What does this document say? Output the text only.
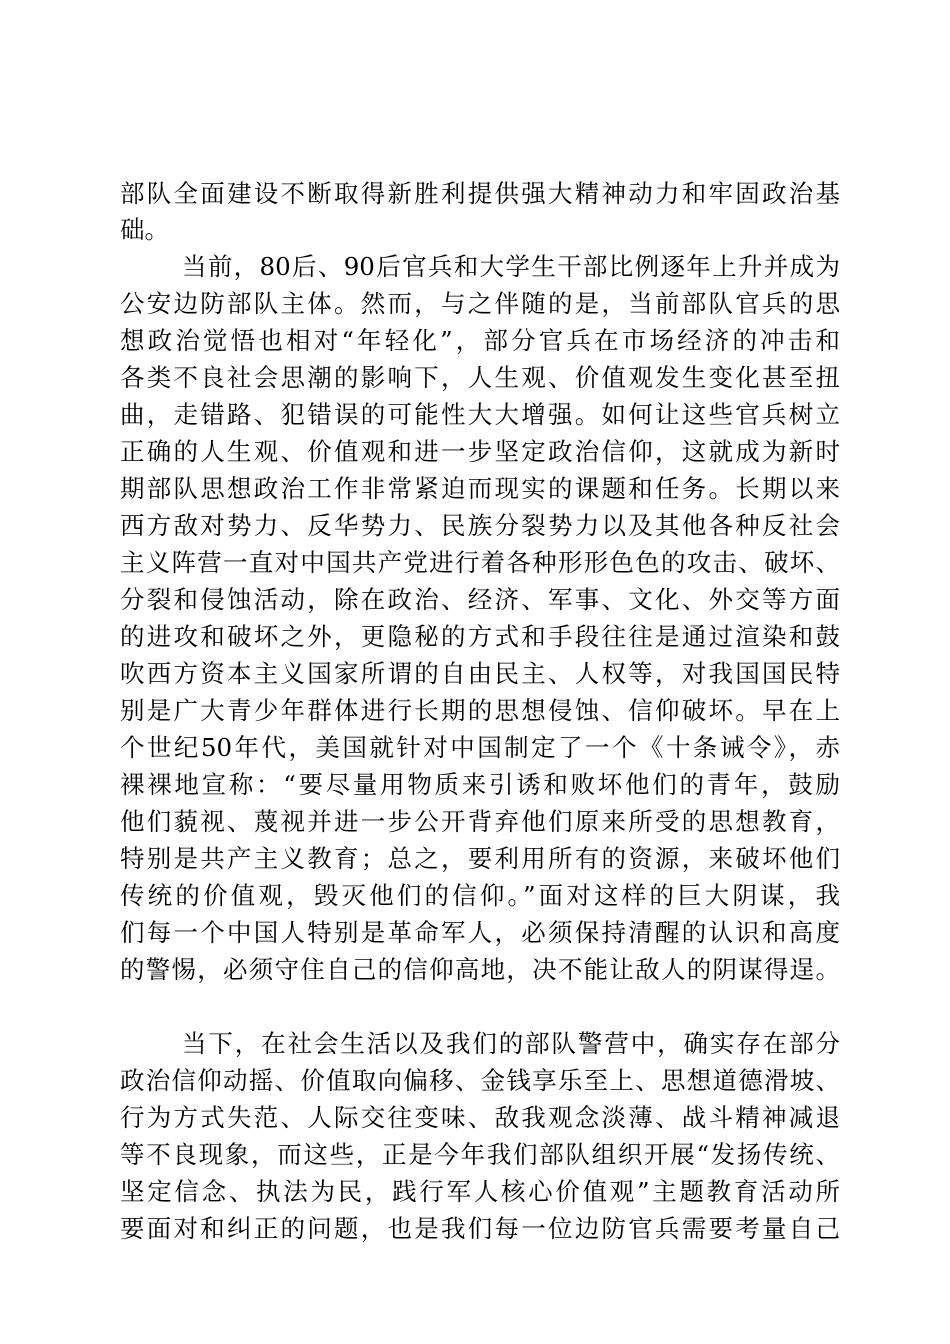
部队全面建设不断取得新胜利提供强大精神动力和牢固政治基
础。
当前，80后、90后官兵和大学生干部比例逐年上升并成为
公安边防部队主体。然而，与之伴随的是，当前部队官兵的思
想政治觉悟也相对“年轻化”，部分官兵在市场经济的冲击和
各类不良社会思潮的影响下，人生观、价值观发生变化甚至扭
曲，走错路、犯错误的可能性大大增强。如何让这些官兵树立
正确的人生观、价值观和进一步坚定政治信仰，这就成为新时
期部队思想政治工作非常紧迫而现实的课题和任务。长期以来
西方敌对势力、反华势力、民族分裂势力以及其他各种反社会
主义阵营一直对中国共产党进行着各种形形色色的攻击、破坏、
分裂和侵蚀活动，除在政治、经济、军事、文化、外交等方面
的进攻和破坏之外，更隐秘的方式和手段往往是通过渲染和鼓
吹西方资本主义国家所谓的自由民主、人权等，对我国国民特
别是广大青少年群体进行长期的思想侵蚀、信仰破坏。早在上
个世纪50年代，美国就针对中国制定了一个《十条诫令》，赤
裸裸地宣称：“要尽量用物质来引诱和败坏他们的青年，鼓励
他们藐视、蔑视并进一步公开背弃他们原来所受的思想教育，
特别是共产主义教育；总之，要利用所有的资源，来破坏他们
传统的价值观，毁灭他们的信仰。”面对这样的巨大阴谋，我
们每一个中国人特别是革命军人，必须保持清醒的认识和高度
的警惕，必须守住自己的信仰高地，决不能让敌人的阴谋得逞。
当下，在社会生活以及我们的部队警营中，确实存在部分
政治信仰动摇、价值取向偏移、金钱享乐至上、思想道德滑坡、
行为方式失范、人际交往变味、敌我观念淡薄、战斗精神减退
等不良现象，而这些，正是今年我们部队组织开展“发扬传统、
坚定信念、执法为民，践行军人核心价值观”主题教育活动所
要面对和纠正的问题，也是我们每一位边防官兵需要考量自己
